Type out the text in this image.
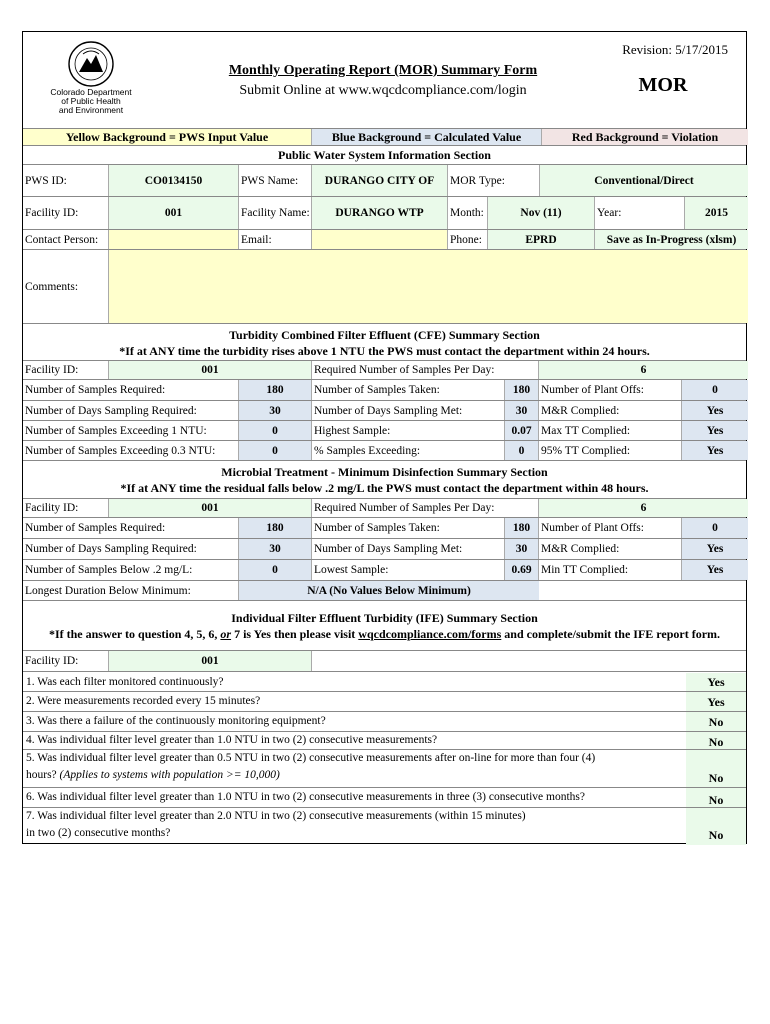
Colorado Department
of Public Health
and Environment
Revision: 5/17/2015
Monthly Operating Report (MOR) Summary Form
Submit Online at www.wqcdcompliance.com/login	MOR
Yellow Background = PWS Input Value	Blue Background = Calculated Value	Red Background = Violation
Public Water System Information Section
PWS ID:	CO0134150	PWS Name:	DURANGO CITY OF	MOR Type:	Conventional/Direct
Facility ID:	001	Facility Name:	DURANGO WTP	Month:	Nov (11)	Year:	2015
Contact Person:	Email:	Phone:	EPRD	Save as In-Progress (xlsm)
Comments:
Turbidity Combined Filter Effluent (CFE) Summary Section
*If at ANY time the turbidity rises above 1 NTU the PWS must contact the department within 24 hours.
Facility ID:	001	Required Number of Samples Per Day:	6
Number of Samples Required:	180	Number of Samples Taken:	180 Number of Plant Offs:	0
Number of Days Sampling Required:	30	Number of Days Sampling Met:	30	M&R Complied:	Yes
Number of Samples Exceeding 1 NTU:	0	Highest Sample:	0.07 Max TT Complied:	Yes
Number of Samples Exceeding 0.3 NTU:	0	% Samples Exceeding:	0	95% TT Complied:	Yes
Microbial Treatment - Minimum Disinfection Summary Section
*If at ANY time the residual falls below .2 mg/L the PWS must contact the department within 48 hours.
Facility ID:	001	Required Number of Samples Per Day:	6
Number of Samples Required:	180	Number of Samples Taken:	180 Number of Plant Offs:	0
Number of Days Sampling Required:	30	Number of Days Sampling Met:	30	M&R Complied:	Yes
Number of Samples Below .2 mg/L:	0	Lowest Sample:	0.69 Min TT Complied:	Yes
Longest Duration Below Minimum:	N/A (No Values Below Minimum)
Individual Filter Effluent Turbidity (IFE) Summary Section
*If the answer to question 4, 5, 6, or 7 is Yes then please visit wqcdcompliance.com/forms and complete/submit the IFE report form.
Facility ID:	001
1. Was each filter monitored continuously?	Yes
2. Were measurements recorded every 15 minutes?	Yes
3. Was there a failure of the continuously monitoring equipment?	No
4. Was individual filter level greater than 1.0 NTU in two (2) consecutive measurements?	No
5. Was individual filter level greater than 0.5 NTU in two (2) consecutive measurements after on-line for more than four (4)
hours? (Applies to systems with population >= 10,000)	No
6. Was individual filter level greater than 1.0 NTU in two (2) consecutive measurements in three (3) consecutive months?	No
7. Was individual filter level greater than 2.0 NTU in two (2) consecutive measurements (within 15 minutes)
in two (2) consecutive months?	No
